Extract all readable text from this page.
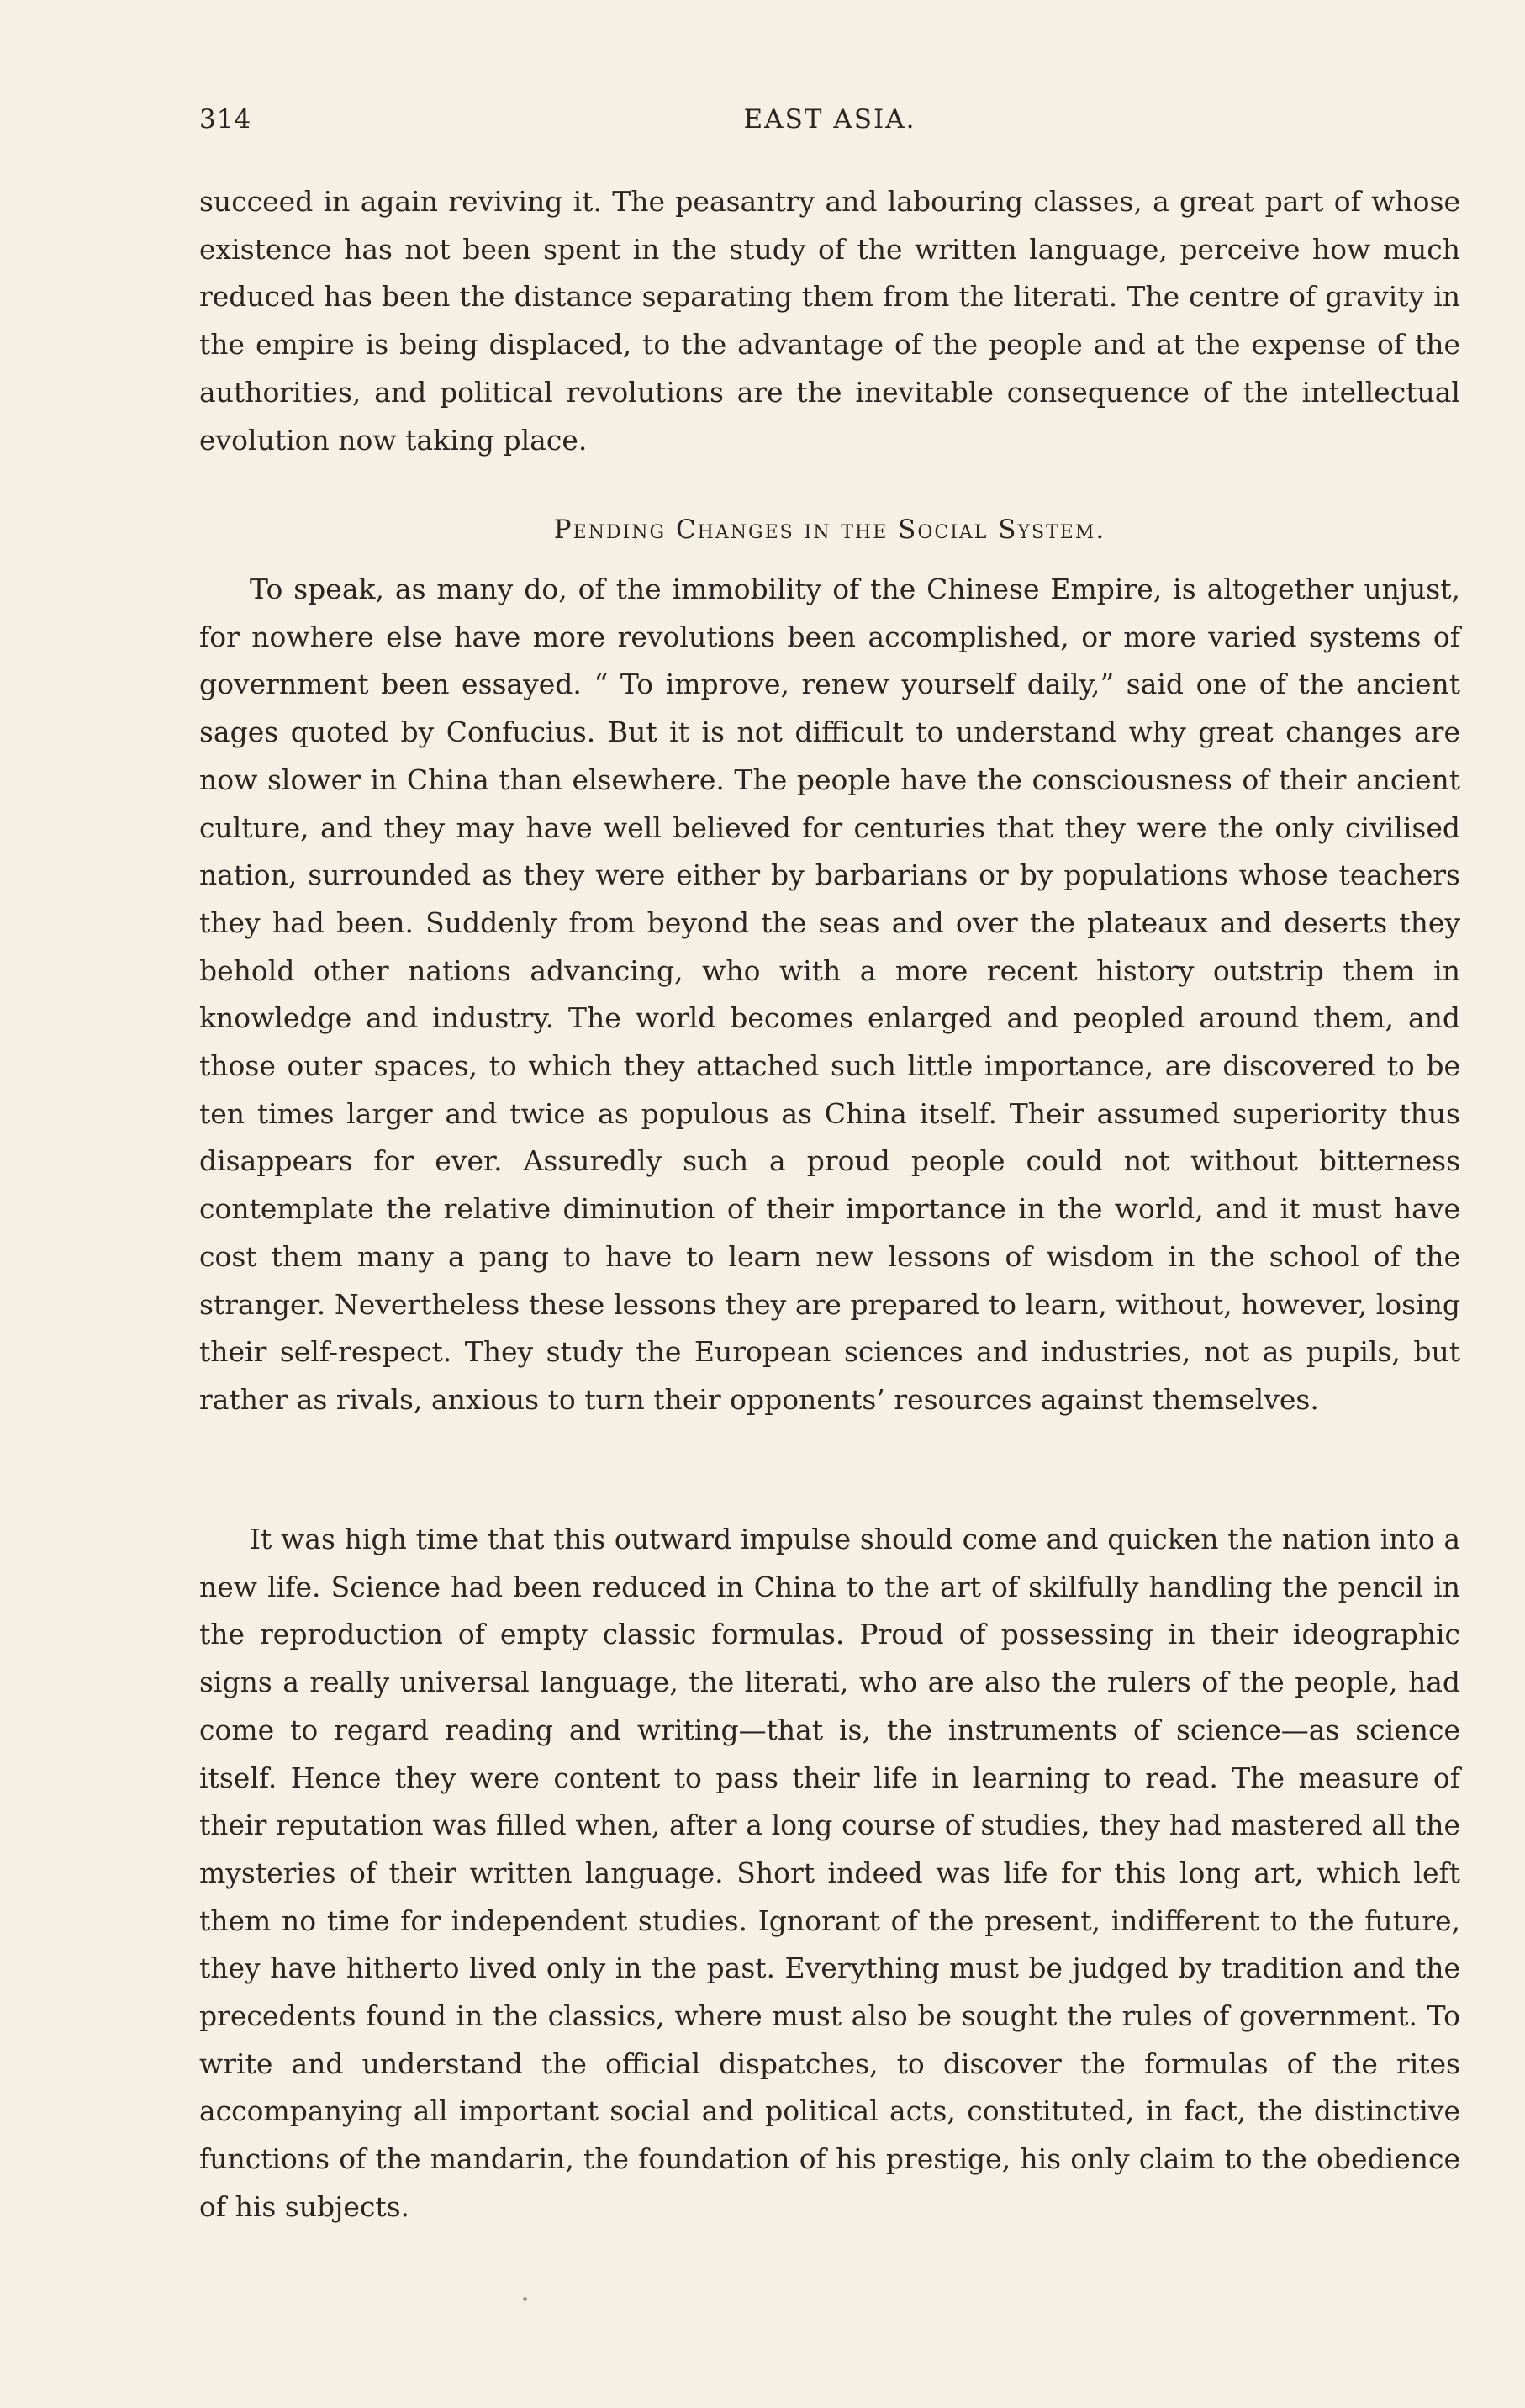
314	EAST ASIA.

succeed in again reviving it. The peasantry and labouring classes, a great part of whose existence has not been spent in the study of the written language, perceive how much reduced has been the distance separating them from the literati. The centre of gravity in the empire is being displaced, to the advantage of the people and at the expense of the authorities, and political revolutions are the inevitable consequence of the intellectual evolution now taking place.

Pending Changes in the Social System.

To speak, as many do, of the immobility of the Chinese Empire, is altogether unjust, for nowhere else have more revolutions been accomplished, or more varied systems of government been essayed. “ To improve, renew yourself daily,” said one of the ancient sages quoted by Confucius. But it is not difficult to understand why great changes are now slower in China than elsewhere. The people have the consciousness of their ancient culture, and they may have well believed for centuries that they were the only civilised nation, surrounded as they were either by barbarians or by populations whose teachers they had been. Suddenly from beyond the seas and over the plateaux and deserts they behold other nations advancing, who with a more recent history outstrip them in knowledge and industry. The world becomes enlarged and peopled around them, and those outer spaces, to which they attached such little importance, are discovered to be ten times larger and twice as populous as China itself. Their assumed superiority thus disappears for ever. Assuredly such a proud people could not without bitterness contemplate the relative diminution of their importance in the world, and it must have cost them many a pang to have to learn new lessons of wisdom in the school of the stranger. Nevertheless these lessons they are prepared to learn, without, however, losing their self-respect. They study the European sciences and industries, not as pupils, but rather as rivals, anxious to turn their opponents’ resources against themselves.

It was high time that this outward impulse should come and quicken the nation into a new life. Science had been reduced in China to the art of skilfully handling the pencil in the reproduction of empty classic formulas. Proud of possessing in their ideographic signs a really universal language, the literati, who are also the rulers of the people, had come to regard reading and writing—that is, the instruments of science—as science itself. Hence they were content to pass their life in learning to read. The measure of their reputation was filled when, after a long course of studies, they had mastered all the mysteries of their written language. Short indeed was life for this long art, which left them no time for independent studies. Ignorant of the present, indifferent to the future, they have hitherto lived only in the past. Everything must be judged by tradition and the precedents found in the classics, where must also be sought the rules of government. To write and understand the official dispatches, to discover the formulas of the rites accompanying all important social and political acts, constituted, in fact, the distinctive functions of the mandarin, the foundation of his prestige, his only claim to the obedience of his subjects.
